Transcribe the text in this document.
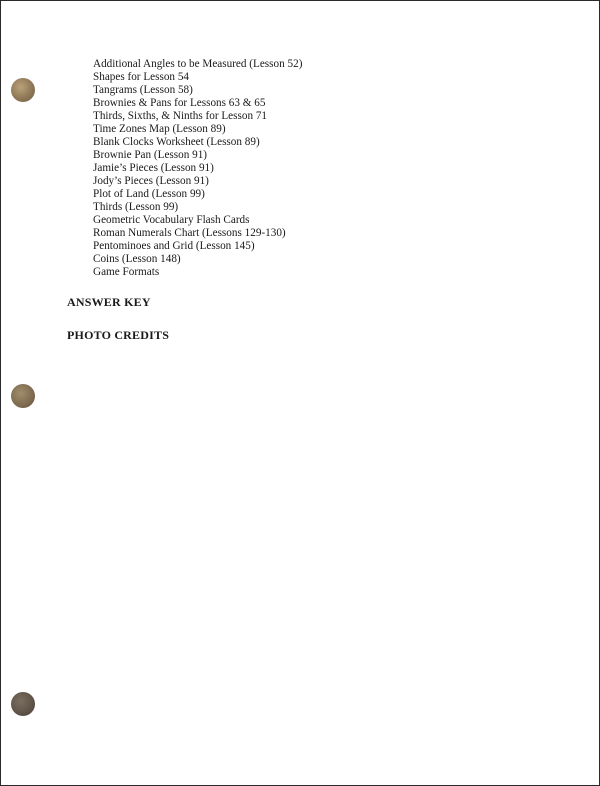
Additional Angles to be Measured (Lesson 52)
Shapes for Lesson 54
Tangrams (Lesson 58)
Brownies & Pans for Lessons 63 & 65
Thirds, Sixths, & Ninths for Lesson 71
Time Zones Map (Lesson 89)
Blank Clocks Worksheet (Lesson 89)
Brownie Pan (Lesson 91)
Jamie’s Pieces (Lesson 91)
Jody’s Pieces (Lesson 91)
Plot of Land (Lesson 99)
Thirds (Lesson 99)
Geometric Vocabulary Flash Cards
Roman Numerals Chart (Lessons 129-130)
Pentominoes and Grid (Lesson 145)
Coins (Lesson 148)
Game Formats
ANSWER KEY
PHOTO CREDITS
